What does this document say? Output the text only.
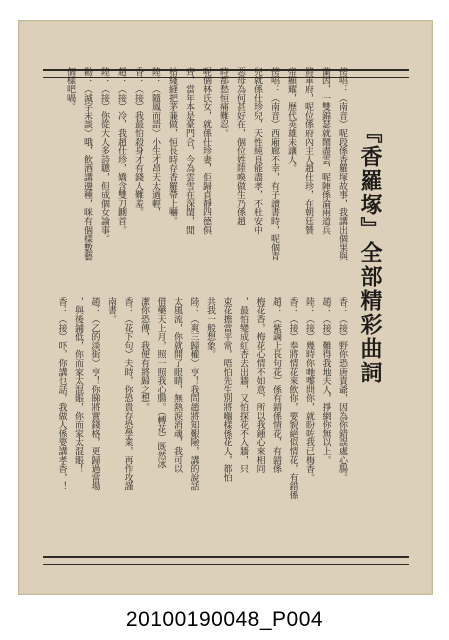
『香羅塚』全部精彩曲詞
傍唱：（南音）呢段係香羅塚故事，我講出個果與
蘭因，一雙錦瑟就鬧盡雲，呢陣係淪兩道兵
將軍府，呢位係府內主人趙仕珍，在朝廷贊
帝顯耀，歷代英雄未讓人。
傍唱：（南音）西廂廊不幸，有子讀書時，呢個青
兒就係仕珍兒，天性純良能盡孝，不杜安中
惡母為何甚好在，個位姓陸喚做生乃係趙
時都愁恒痛難忍。
呢個林氏女，就係仕珍妻，佢歸貞靜四德俱
齊，當年本是豪門合，今為雲雪在深閨，閒
枯綫縫把茅蒹做，恒長時存香羅帶上嚇。
陸：（隨鳳而語）小生才昂天太過輕，
香：（接）我最怕殺身才有錢人難羞。
趙：（接）冷，我趙仕珍，嬌含雙刀鍘首。
陸：（接）你從大人多詩聰，但成個女論事。
勸：（滅字未談）哦，飲酒講邊種，咪有個樣數藝
個樣吧喎。
香：（接）野你恐唐貴爺，因為你錯誤處心腸。
趙：（接）難得我地夫人，掙網你無以上。
陸：（接）幾時你哋嚟問你，就盼咗我已梅香。
香：（接）奉將情花來飲你，要貌絕似情花，有錯係
趙：（紫調上長句花）係有錯係情花，有錯係
梅花香，梅花心情不如意，所以我鍾心來相同
，最怕變成紅杏去出牆，又怕探花不入牆，只
束花擔當平常，唔怕先生別將嗰樣係花人，都怕
共我一般想象。
陸：（爽三歸權）亨！我問趙將知艱險，講的說話
太風流，你就開了眼睛，無熱淚消魂，我可以
借藥天上月，照一照我心腸。（轉花）既然冰
潔你恐傳，我便有將歸之想。
香：（花下句）夫時，你恐貴存恐學業，再作攻謹
南書。
趙：（乙的淡街）亨！你睇將實錢格，更歸過當場
，與後鋪低，你而家太混賬，你而家太混賬！
香：（接）吓，你講乜話，我做人係要講孝香，！
20100190048_P004
